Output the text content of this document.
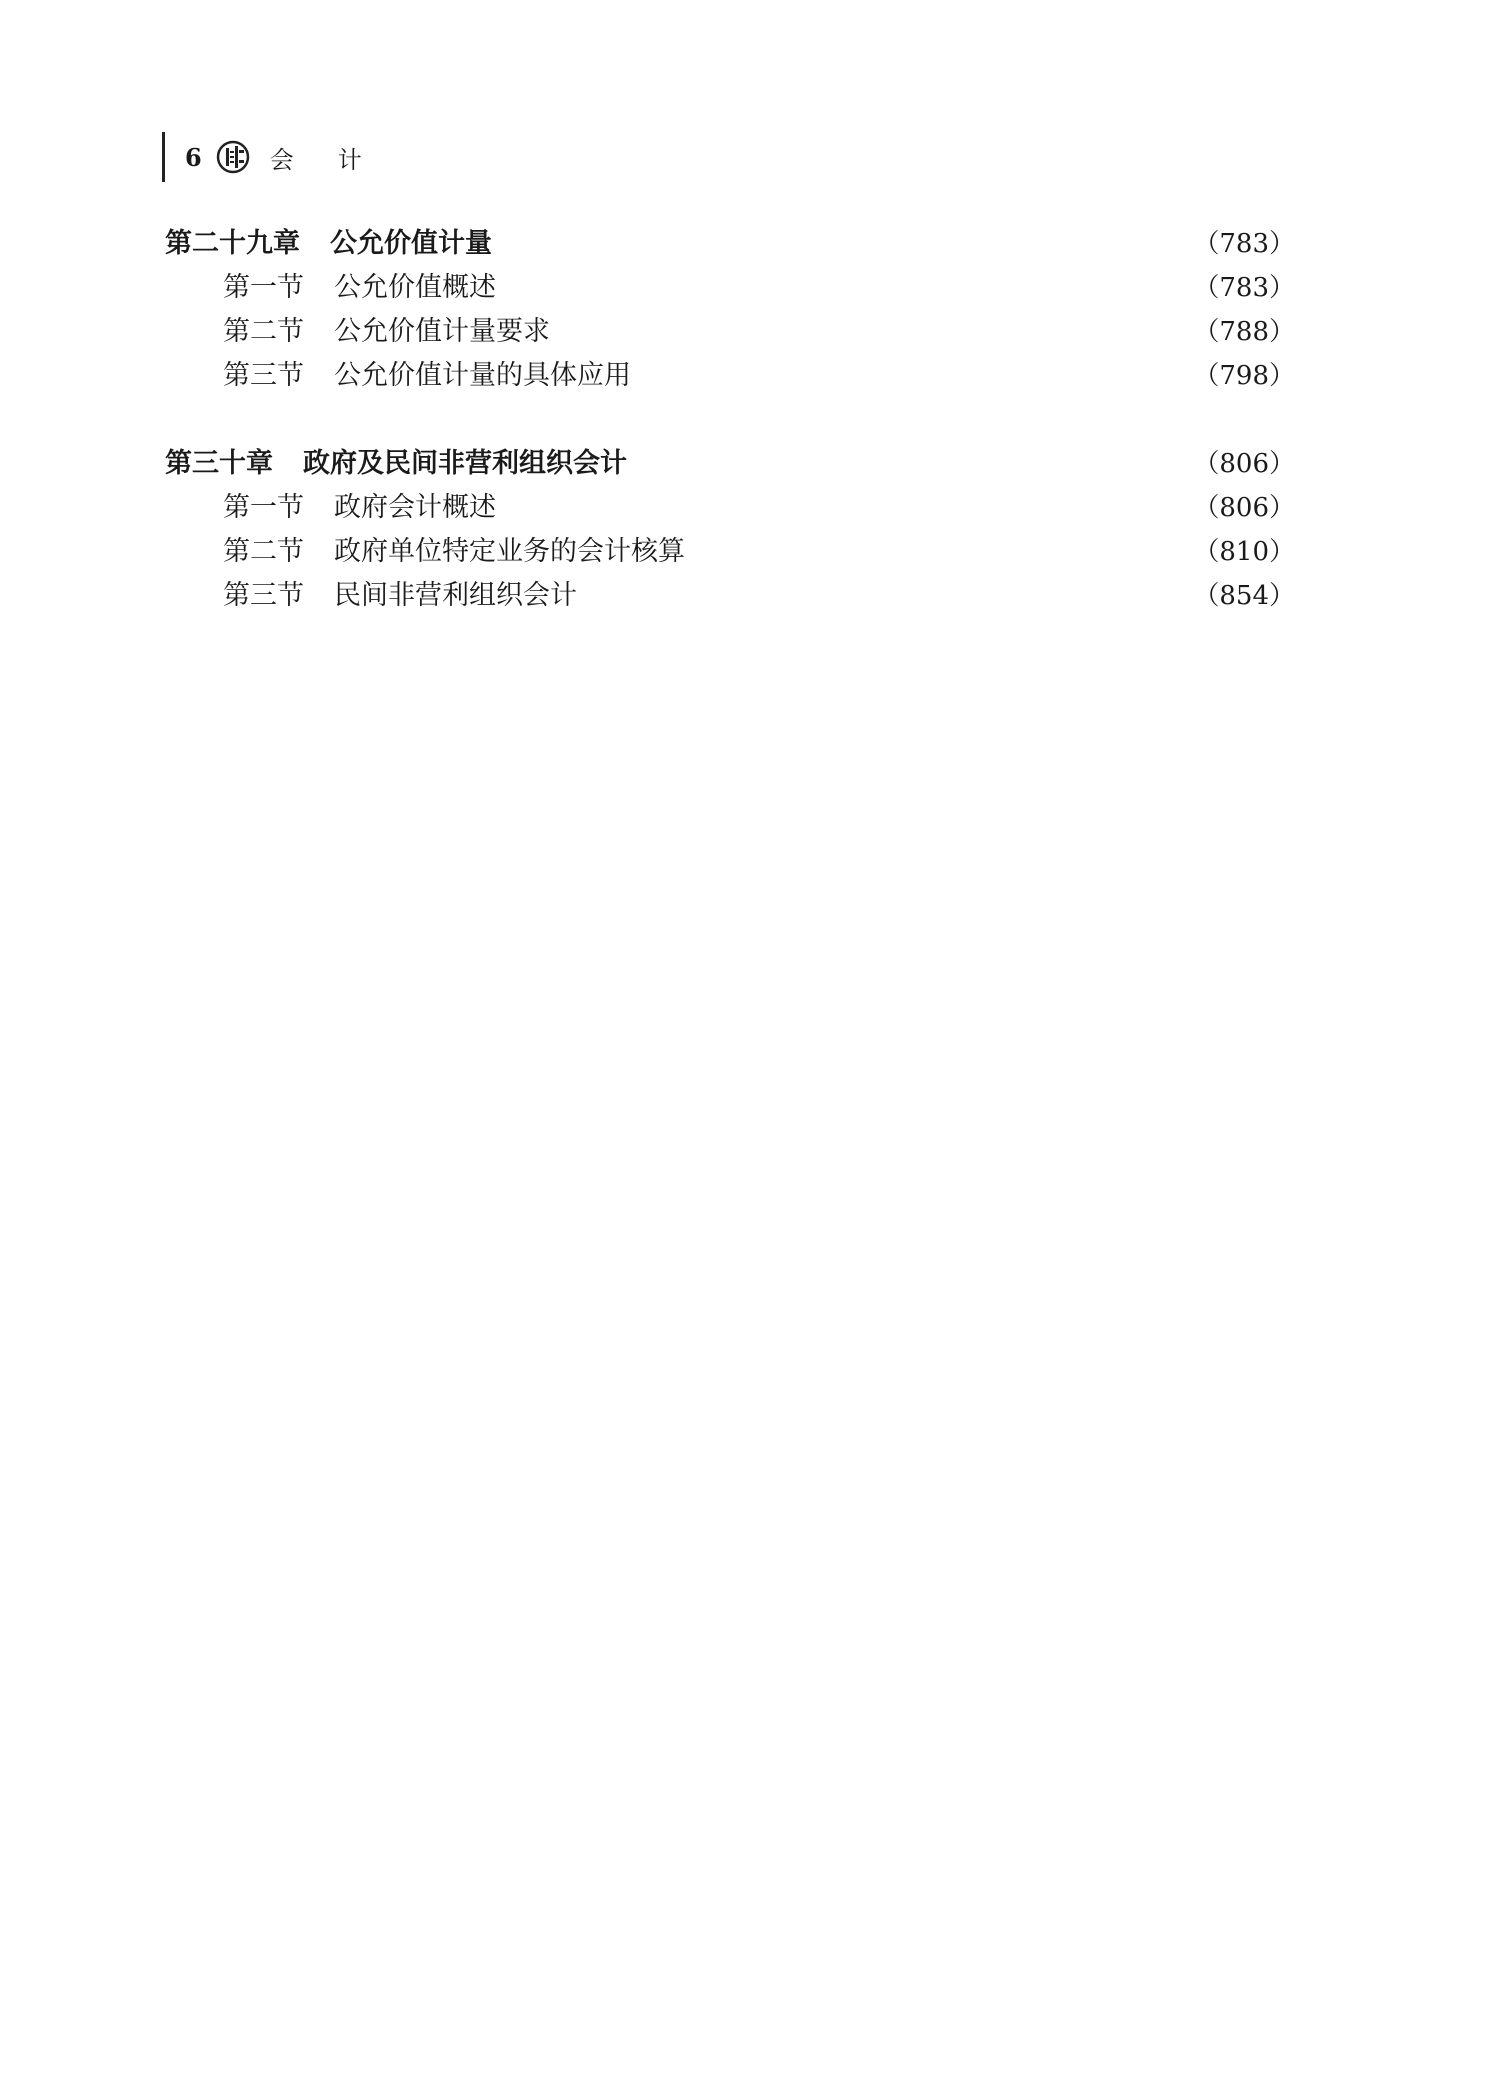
6	会计
第二十九章 公允价值计量	（783）
第一节 公允价值概述	（783）
第二节 公允价值计量要求	（788）
第三节 公允价值计量的具体应用	（798）
第三十章 政府及民间非营利组织会计	（806）
第一节 政府会计概述	（806）
第二节 政府单位特定业务的会计核算	（810）
第三节 民间非营利组织会计	（854）
